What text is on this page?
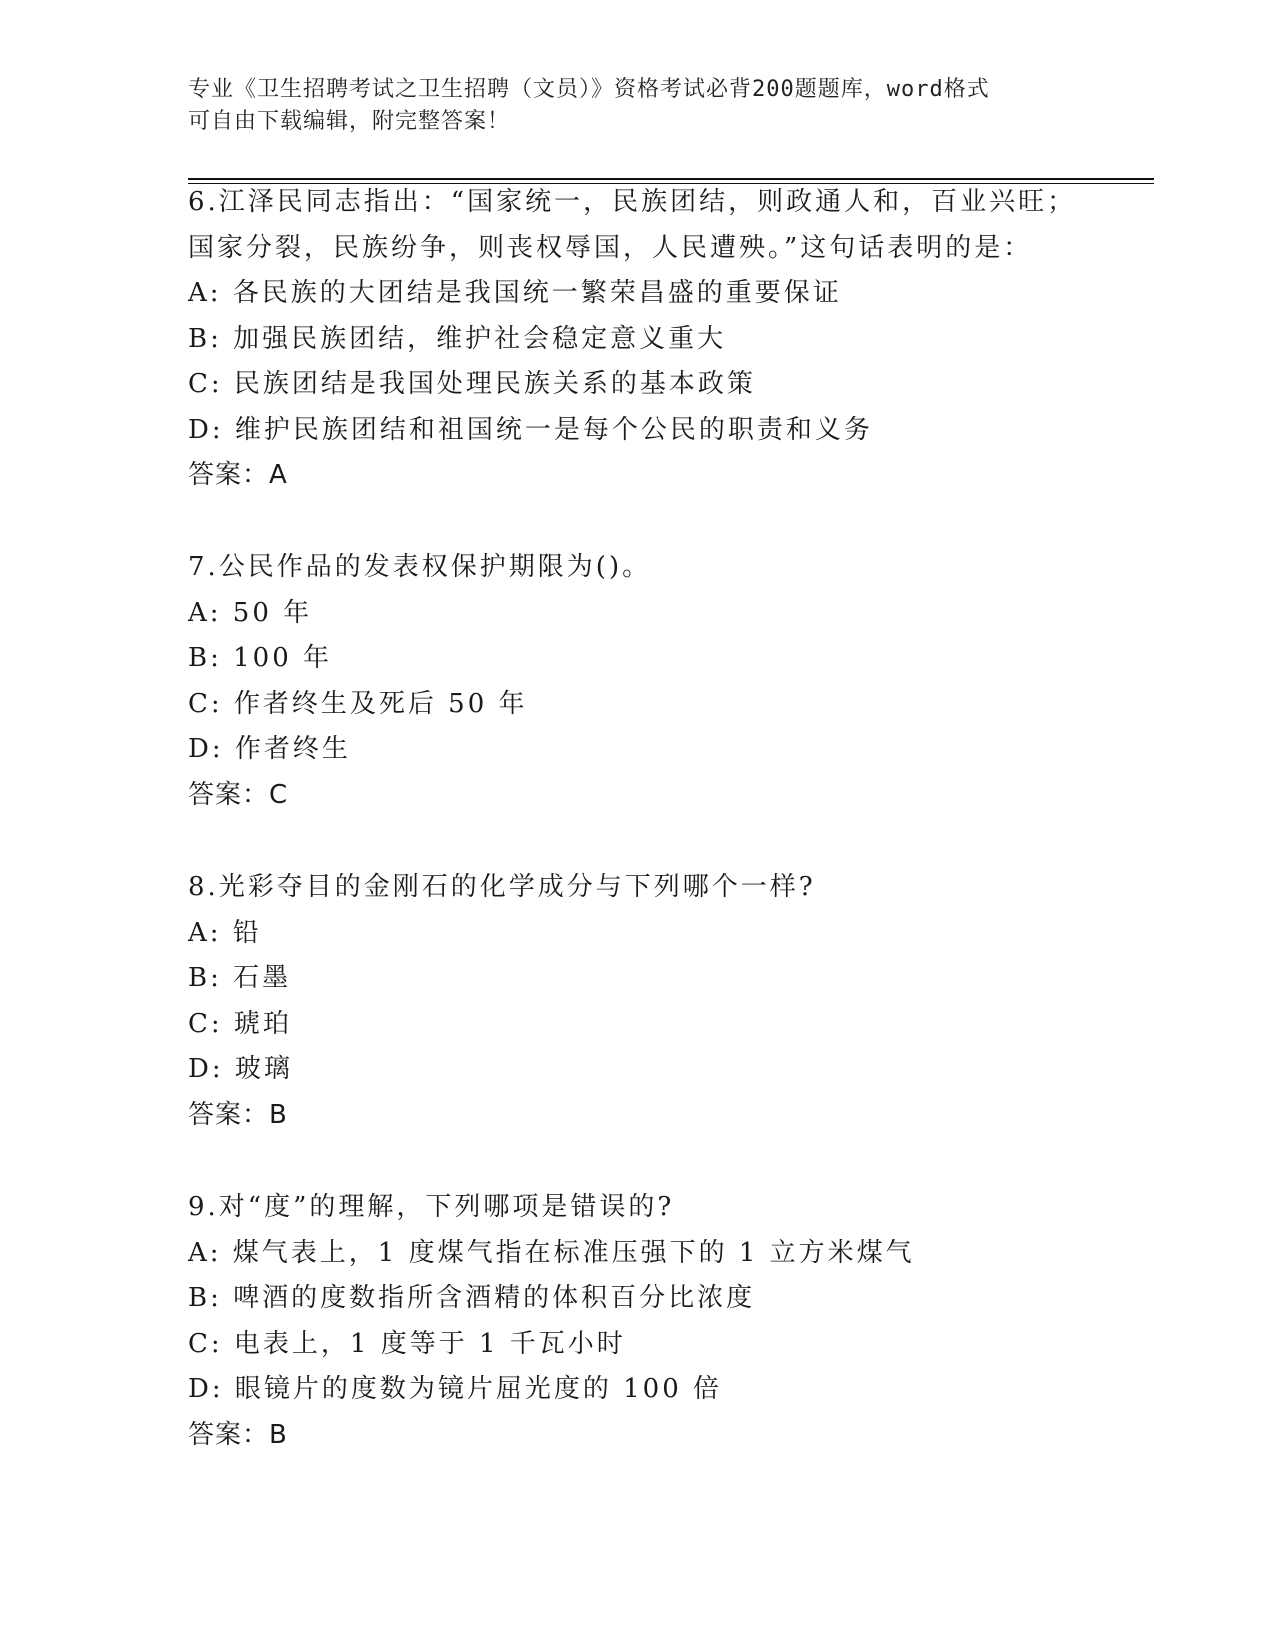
专业《卫生招聘考试之卫生招聘（文员）》资格考试必背200题题库，word格式
可自由下载编辑，附完整答案！
6.江泽民同志指出：“国家统一，民族团结，则政通人和，百业兴旺；
国家分裂，民族纷争，则丧权辱国，人民遭殃。”这句话表明的是：
A: 各民族的大团结是我国统一繁荣昌盛的重要保证
B: 加强民族团结，维护社会稳定意义重大
C: 民族团结是我国处理民族关系的基本政策
D: 维护民族团结和祖国统一是每个公民的职责和义务
答案：A
7.公民作品的发表权保护期限为()。
A: 50 年
B: 100 年
C: 作者终生及死后 50 年
D: 作者终生
答案：C
8.光彩夺目的金刚石的化学成分与下列哪个一样?
A: 铅
B: 石墨
C: 琥珀
D: 玻璃
答案：B
9.对“度”的理解，下列哪项是错误的?
A: 煤气表上，1 度煤气指在标准压强下的 1 立方米煤气
B: 啤酒的度数指所含酒精的体积百分比浓度
C: 电表上，1 度等于 1 千瓦小时
D: 眼镜片的度数为镜片屈光度的 100 倍
答案：B
